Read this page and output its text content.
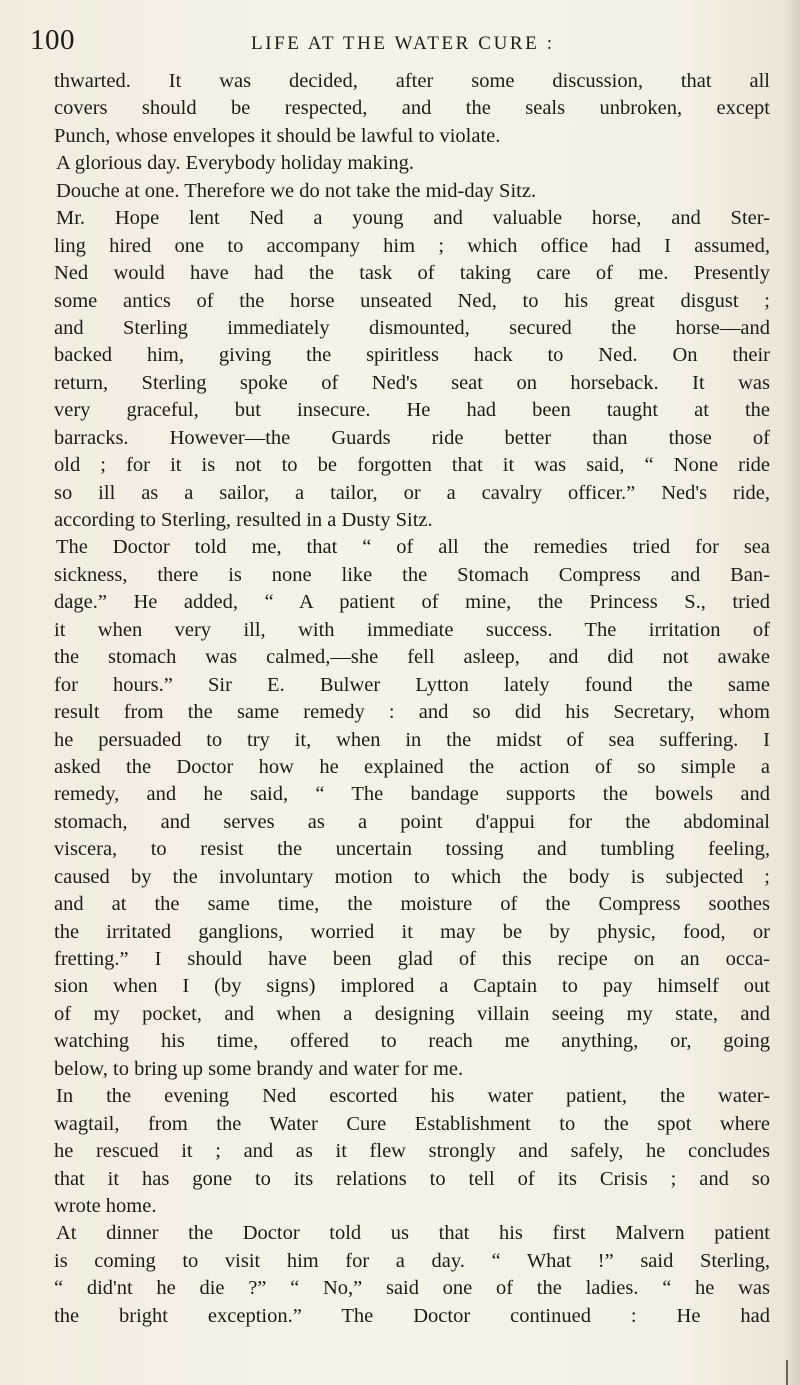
100	LIFE AT THE WATER CURE :
thwarted. It was decided, after some discussion, that all
covers should be respected, and the seals unbroken, except
Punch, whose envelopes it should be lawful to violate.
A glorious day. Everybody holiday making.
Douche at one. Therefore we do not take the mid-day Sitz.
Mr. Hope lent Ned a young and valuable horse, and Ster-
ling hired one to accompany him ; which office had I assumed,
Ned would have had the task of taking care of me. Presently
some antics of the horse unseated Ned, to his great disgust ;
and Sterling immediately dismounted, secured the horse—and
backed him, giving the spiritless hack to Ned. On their
return, Sterling spoke of Ned's seat on horseback. It was
very graceful, but insecure. He had been taught at the
barracks. However—the Guards ride better than those of
old ; for it is not to be forgotten that it was said, “ None ride
so ill as a sailor, a tailor, or a cavalry officer.” Ned's ride,
according to Sterling, resulted in a Dusty Sitz.
The Doctor told me, that “ of all the remedies tried for sea
sickness, there is none like the Stomach Compress and Ban-
dage.” He added, “ A patient of mine, the Princess S., tried
it when very ill, with immediate success. The irritation of
the stomach was calmed,—she fell asleep, and did not awake
for hours.” Sir E. Bulwer Lytton lately found the same
result from the same remedy : and so did his Secretary, whom
he persuaded to try it, when in the midst of sea suffering. I
asked the Doctor how he explained the action of so simple a
remedy, and he said, “ The bandage supports the bowels and
stomach, and serves as a point d'appui for the abdominal
viscera, to resist the uncertain tossing and tumbling feeling,
caused by the involuntary motion to which the body is subjected ;
and at the same time, the moisture of the Compress soothes
the irritated ganglions, worried it may be by physic, food, or
fretting.” I should have been glad of this recipe on an occa-
sion when I (by signs) implored a Captain to pay himself out
of my pocket, and when a designing villain seeing my state, and
watching his time, offered to reach me anything, or, going
below, to bring up some brandy and water for me.
In the evening Ned escorted his water patient, the water-
wagtail, from the Water Cure Establishment to the spot where
he rescued it ; and as it flew strongly and safely, he concludes
that it has gone to its relations to tell of its Crisis ; and so
wrote home.
At dinner the Doctor told us that his first Malvern patient
is coming to visit him for a day. “ What !” said Sterling,
“ did'nt he die ?” “ No,” said one of the ladies. “ he was
the bright exception.” The Doctor continued : He had
